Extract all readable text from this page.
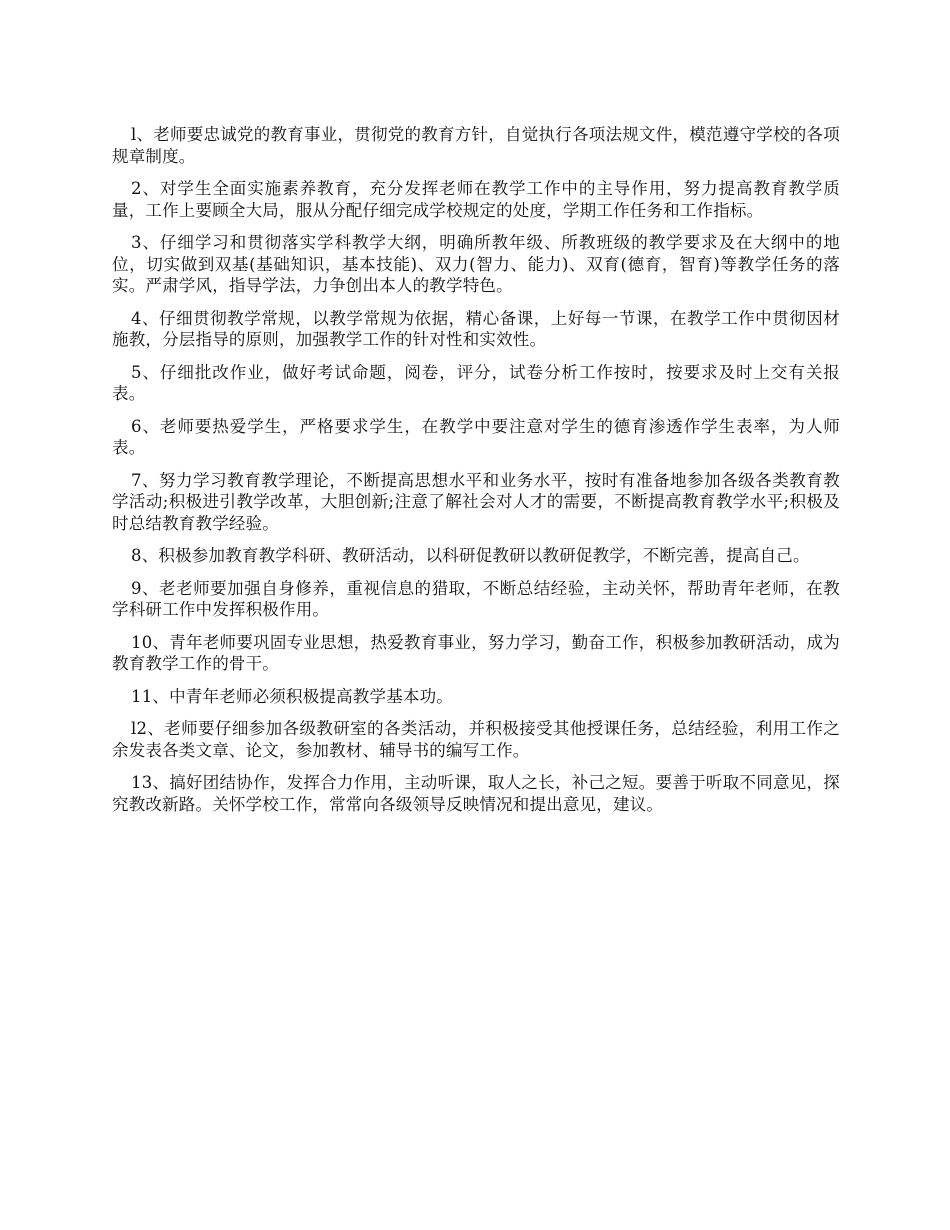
l、老师要忠诚党的教育事业，贯彻党的教育方针，自觉执行各项法规文件，模范遵守学校的各项规章制度。

2、对学生全面实施素养教育，充分发挥老师在教学工作中的主导作用，努力提高教育教学质量，工作上要顾全大局，服从分配仔细完成学校规定的处度，学期工作任务和工作指标。

3、仔细学习和贯彻落实学科教学大纲，明确所教年级、所教班级的教学要求及在大纲中的地位，切实做到双基(基础知识，基本技能)、双力(智力、能力)、双育(德育，智育)等教学任务的落实。严肃学风，指导学法，力争创出本人的教学特色。

4、仔细贯彻教学常规，以教学常规为依据，精心备课，上好每一节课，在教学工作中贯彻因材施教，分层指导的原则，加强教学工作的针对性和实效性。

5、仔细批改作业，做好考试命题，阅卷，评分，试卷分析工作按时，按要求及时上交有关报表。

6、老师要热爱学生，严格要求学生，在教学中要注意对学生的德育渗透作学生表率，为人师表。

7、努力学习教育教学理论，不断提高思想水平和业务水平，按时有准备地参加各级各类教育教学活动;积极进引教学改革，大胆创新;注意了解社会对人才的需要，不断提高教育教学水平;积极及时总结教育教学经验。

8、积极参加教育教学科研、教研活动，以科研促教研以教研促教学，不断完善，提高自己。

9、老老师要加强自身修养，重视信息的猎取，不断总结经验，主动关怀，帮助青年老师，在教学科研工作中发挥积极作用。

10、青年老师要巩固专业思想，热爱教育事业，努力学习，勤奋工作，积极参加教研活动，成为教育教学工作的骨干。

11、中青年老师必须积极提高教学基本功。

l2、老师要仔细参加各级教研室的各类活动，并积极接受其他授课任务，总结经验，利用工作之余发表各类文章、论文，参加教材、辅导书的编写工作。

13、搞好团结协作，发挥合力作用，主动听课，取人之长，补己之短。要善于听取不同意见，探究教改新路。关怀学校工作，常常向各级领导反映情况和提出意见，建议。
